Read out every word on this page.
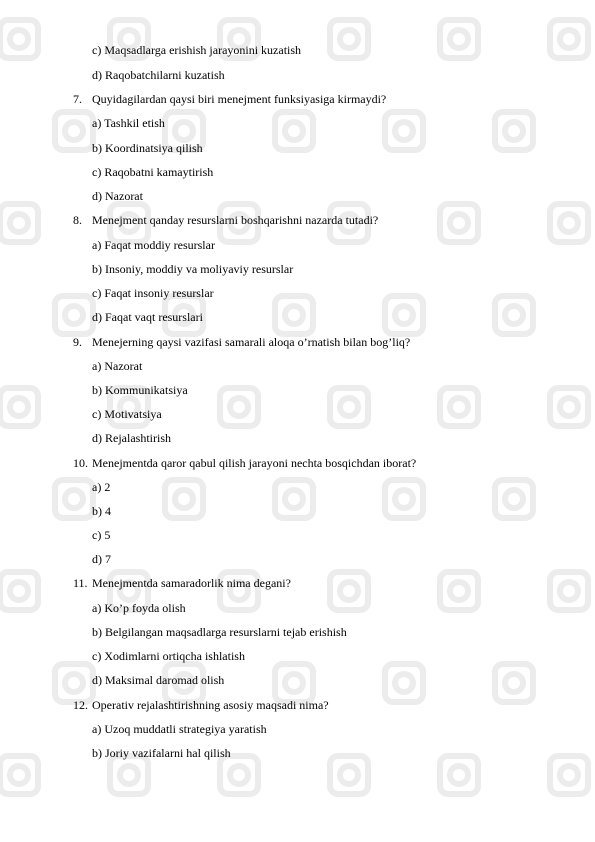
c) Maqsadlarga erishish jarayonini kuzatish
d) Raqobatchilarni kuzatish
7. Quyidagilardan qaysi biri menejment funksiyasiga kirmaydi?
a) Tashkil etish
b) Koordinatsiya qilish
c) Raqobatni kamaytirish
d) Nazorat
8. Menejment qanday resurslarni boshqarishni nazarda tutadi?
a) Faqat moddiy resurslar
b) Insoniy, moddiy va moliyaviy resurslar
c) Faqat insoniy resurslar
d) Faqat vaqt resurslari
9. Menejerning qaysi vazifasi samarali aloqa o’rnatish bilan bog’liq?
a) Nazorat
b) Kommunikatsiya
c) Motivatsiya
d) Rejalashtirish
10. Menejmentda qaror qabul qilish jarayoni nechta bosqichdan iborat?
a) 2
b) 4
c) 5
d) 7
11. Menejmentda samaradorlik nima degani?
a) Ko’p foyda olish
b) Belgilangan maqsadlarga resurslarni tejab erishish
c) Xodimlarni ortiqcha ishlatish
d) Maksimal daromad olish
12. Operativ rejalashtirishning asosiy maqsadi nima?
a) Uzoq muddatli strategiya yaratish
b) Joriy vazifalarni hal qilish
